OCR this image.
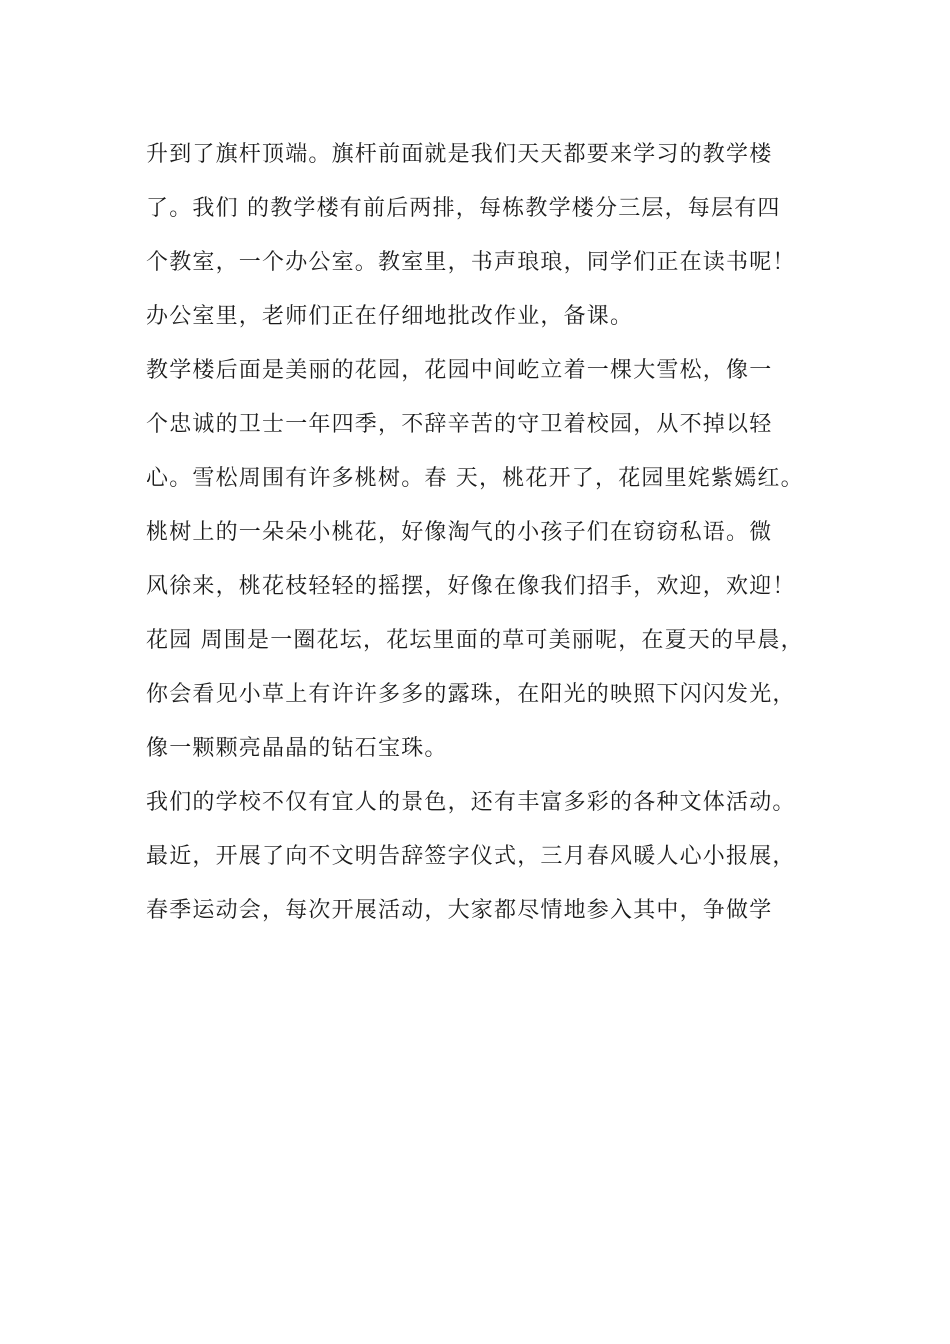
升到了旗杆顶端。旗杆前面就是我们天天都要来学习的教学楼
了。我们 的教学楼有前后两排，每栋教学楼分三层，每层有四
个教室，一个办公室。教室里，书声琅琅，同学们正在读书呢！
办公室里，老师们正在仔细地批改作业，备课。
教学楼后面是美丽的花园，花园中间屹立着一棵大雪松，像一
个忠诚的卫士一年四季，不辞辛苦的守卫着校园，从不掉以轻
心。雪松周围有许多桃树。春 天，桃花开了，花园里姹紫嫣红。
桃树上的一朵朵小桃花，好像淘气的小孩子们在窃窃私语。微
风徐来，桃花枝轻轻的摇摆，好像在像我们招手，欢迎，欢迎！
花园 周围是一圈花坛，花坛里面的草可美丽呢，在夏天的早晨，
你会看见小草上有许许多多的露珠，在阳光的映照下闪闪发光，
像一颗颗亮晶晶的钻石宝珠。
我们的学校不仅有宜人的景色，还有丰富多彩的各种文体活动。
最近，开展了向不文明告辞签字仪式，三月春风暖人心小报展，
春季运动会，每次开展活动，大家都尽情地参入其中，争做学
